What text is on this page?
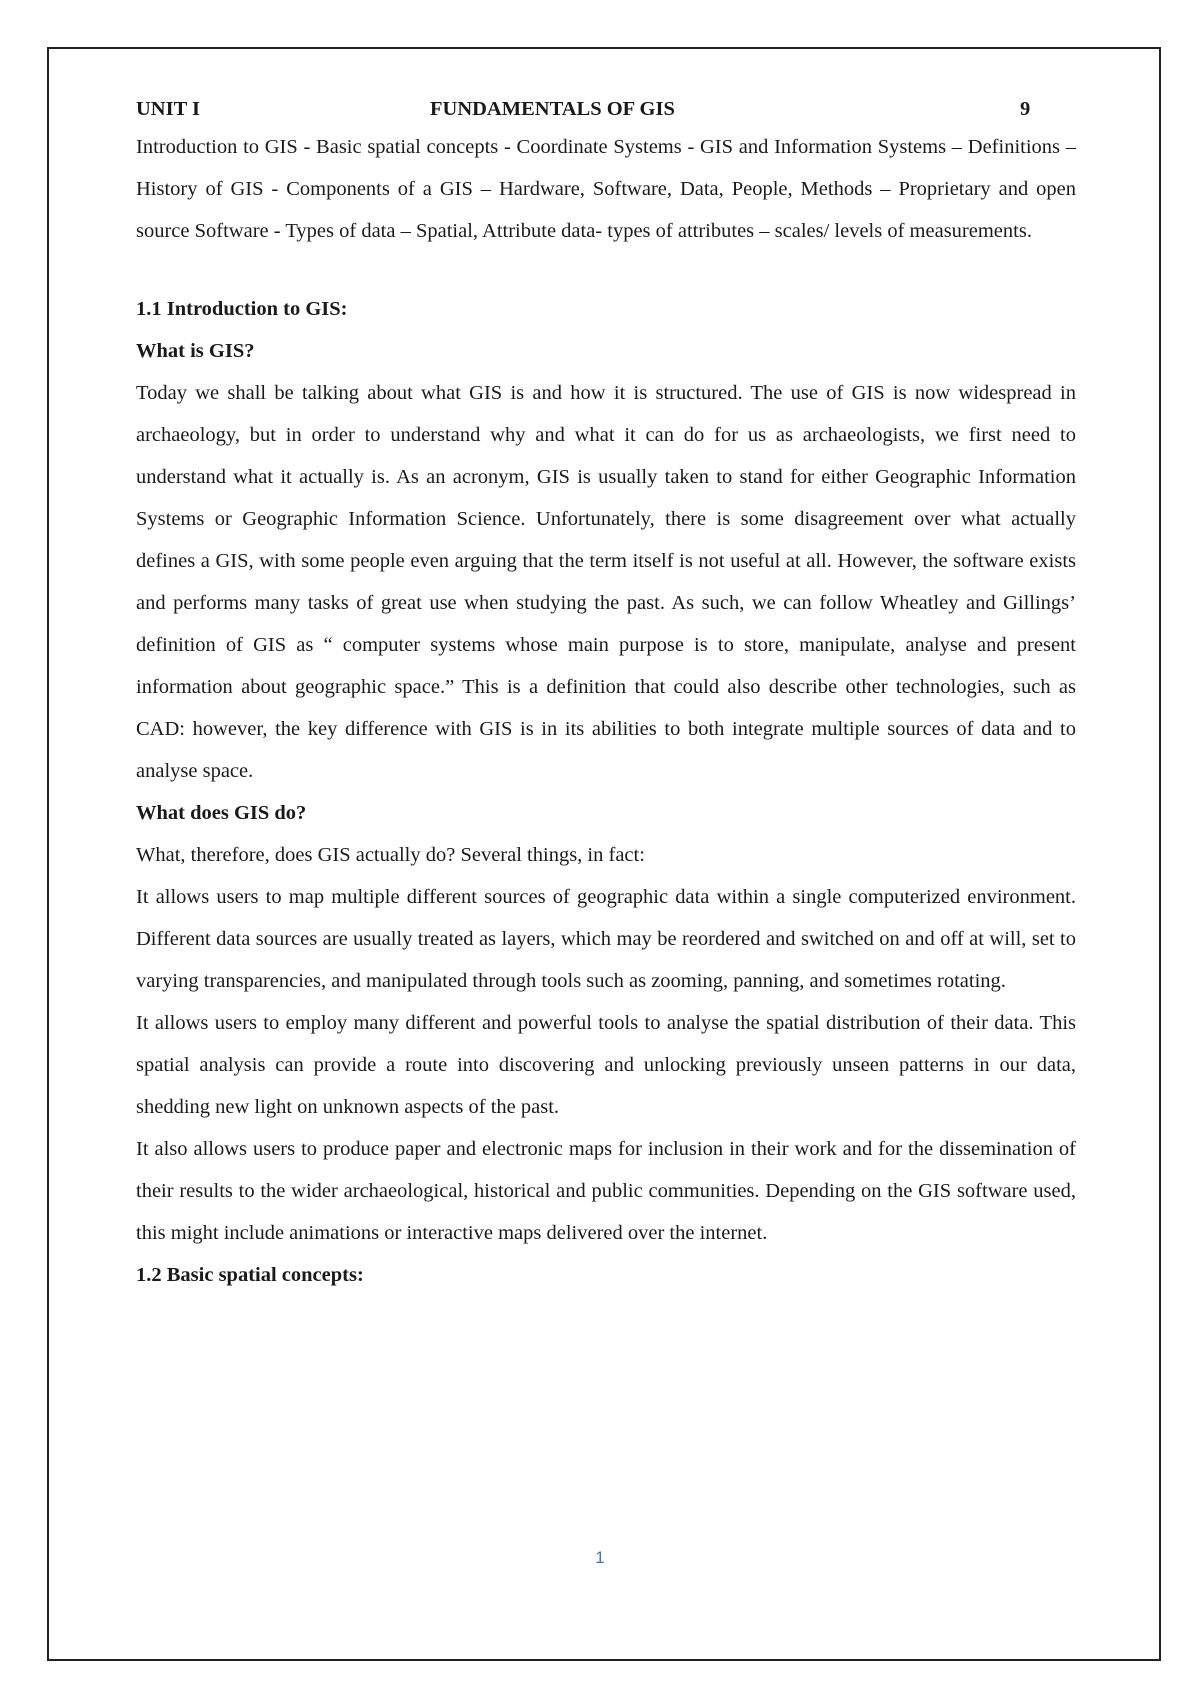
UNIT I	FUNDAMENTALS OF GIS	9

Introduction to GIS - Basic spatial concepts - Coordinate Systems - GIS and Information Systems – Definitions – History of GIS - Components of a GIS – Hardware, Software, Data, People, Methods – Proprietary and open source Software - Types of data – Spatial, Attribute data- types of attributes – scales/ levels of measurements.

1.1 Introduction to GIS:

What is GIS?

Today we shall be talking about what GIS is and how it is structured. The use of GIS is now widespread in archaeology, but in order to understand why and what it can do for us as archaeologists, we first need to understand what it actually is. As an acronym, GIS is usually taken to stand for either Geographic Information Systems or Geographic Information Science. Unfortunately, there is some disagreement over what actually defines a GIS, with some people even arguing that the term itself is not useful at all. However, the software exists and performs many tasks of great use when studying the past. As such, we can follow Wheatley and Gillings’ definition of GIS as “ computer systems whose main purpose is to store, manipulate, analyse and present information about geographic space.” This is a definition that could also describe other technologies, such as CAD: however, the key difference with GIS is in its abilities to both integrate multiple sources of data and to analyse space.

What does GIS do?

What, therefore, does GIS actually do? Several things, in fact:

It allows users to map multiple different sources of geographic data within a single computerized environment. Different data sources are usually treated as layers, which may be reordered and switched on and off at will, set to varying transparencies, and manipulated through tools such as zooming, panning, and sometimes rotating.

It allows users to employ many different and powerful tools to analyse the spatial distribution of their data. This spatial analysis can provide a route into discovering and unlocking previously unseen patterns in our data, shedding new light on unknown aspects of the past.

It also allows users to produce paper and electronic maps for inclusion in their work and for the dissemination of their results to the wider archaeological, historical and public communities. Depending on the GIS software used, this might include animations or interactive maps delivered over the internet.

1.2 Basic spatial concepts:

1
